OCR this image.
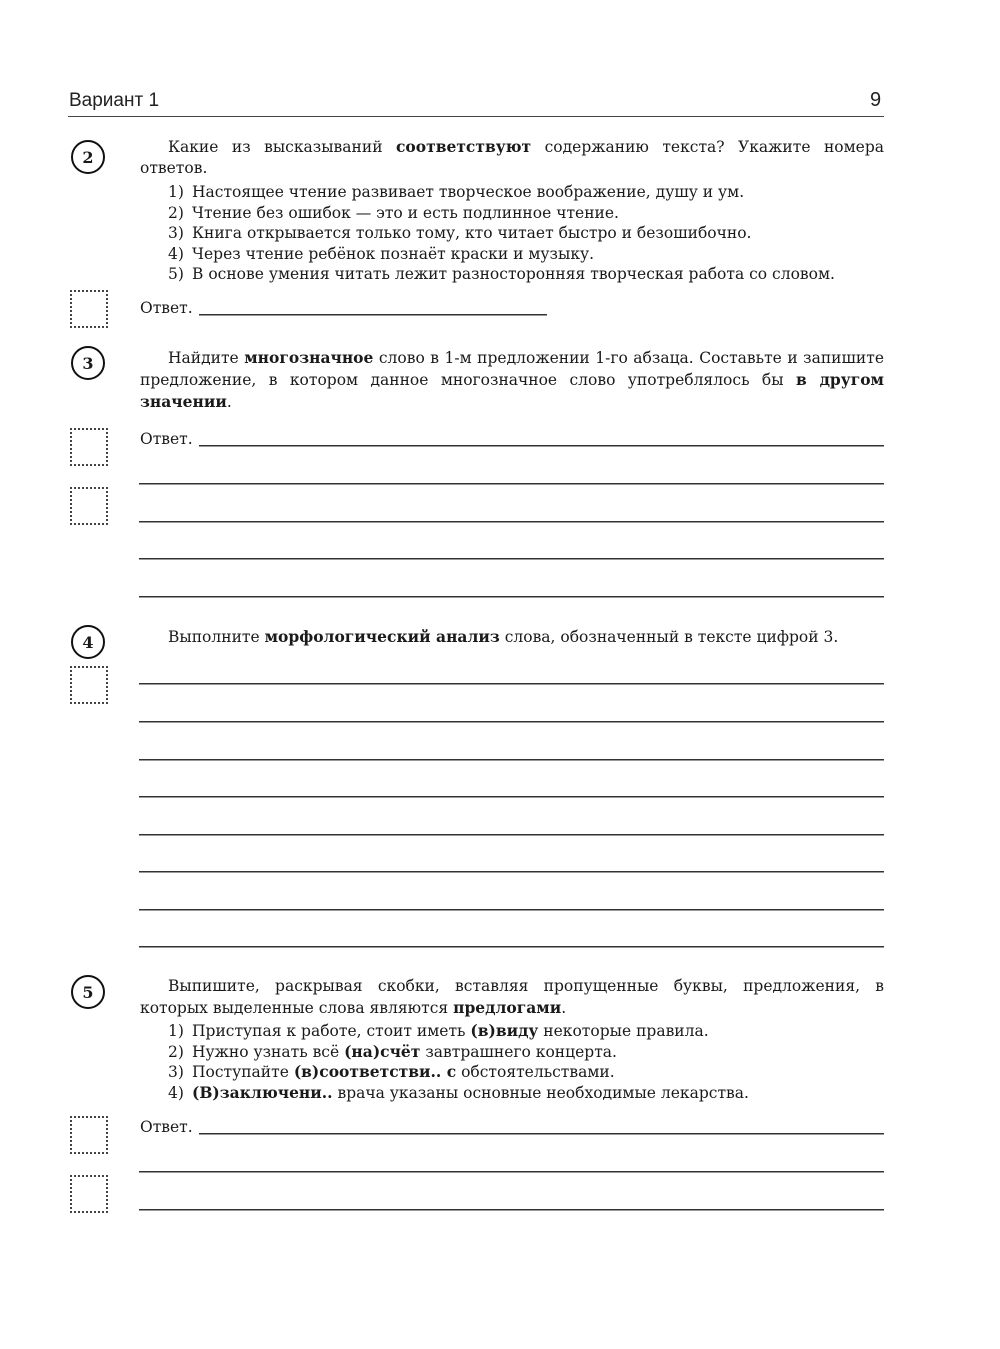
Вариант 1	9
2
Какие из высказываний соответствуют содержанию текста? Укажите номера ответов.
1) Настоящее чтение развивает творческое воображение, душу и ум.
2) Чтение без ошибок — это и есть подлинное чтение.
3) Книга открывается только тому, кто читает быстро и безошибочно.
4) Через чтение ребёнок познаёт краски и музыку.
5) В основе умения читать лежит разносторонняя творческая работа со словом.
Ответ.
3	Найдите многозначное слово в 1-м предложении 1-го абзаца. Составьте и запишите предложение, в котором данное многозначное слово употреблялось бы в другом значении.
Ответ.
4	Выполните морфологический анализ слова, обозначенный в тексте цифрой 3.
5	Выпишите, раскрывая скобки, вставляя пропущенные буквы, предложения, в которых выделенные слова являются предлогами.
1) Приступая к работе, стоит иметь (в)виду некоторые правила.
2) Нужно узнать всё (на)счёт завтрашнего концерта.
3) Поступайте (в)соответстви.. с обстоятельствами.
4) (В)заключени.. врача указаны основные необходимые лекарства.
Ответ.
